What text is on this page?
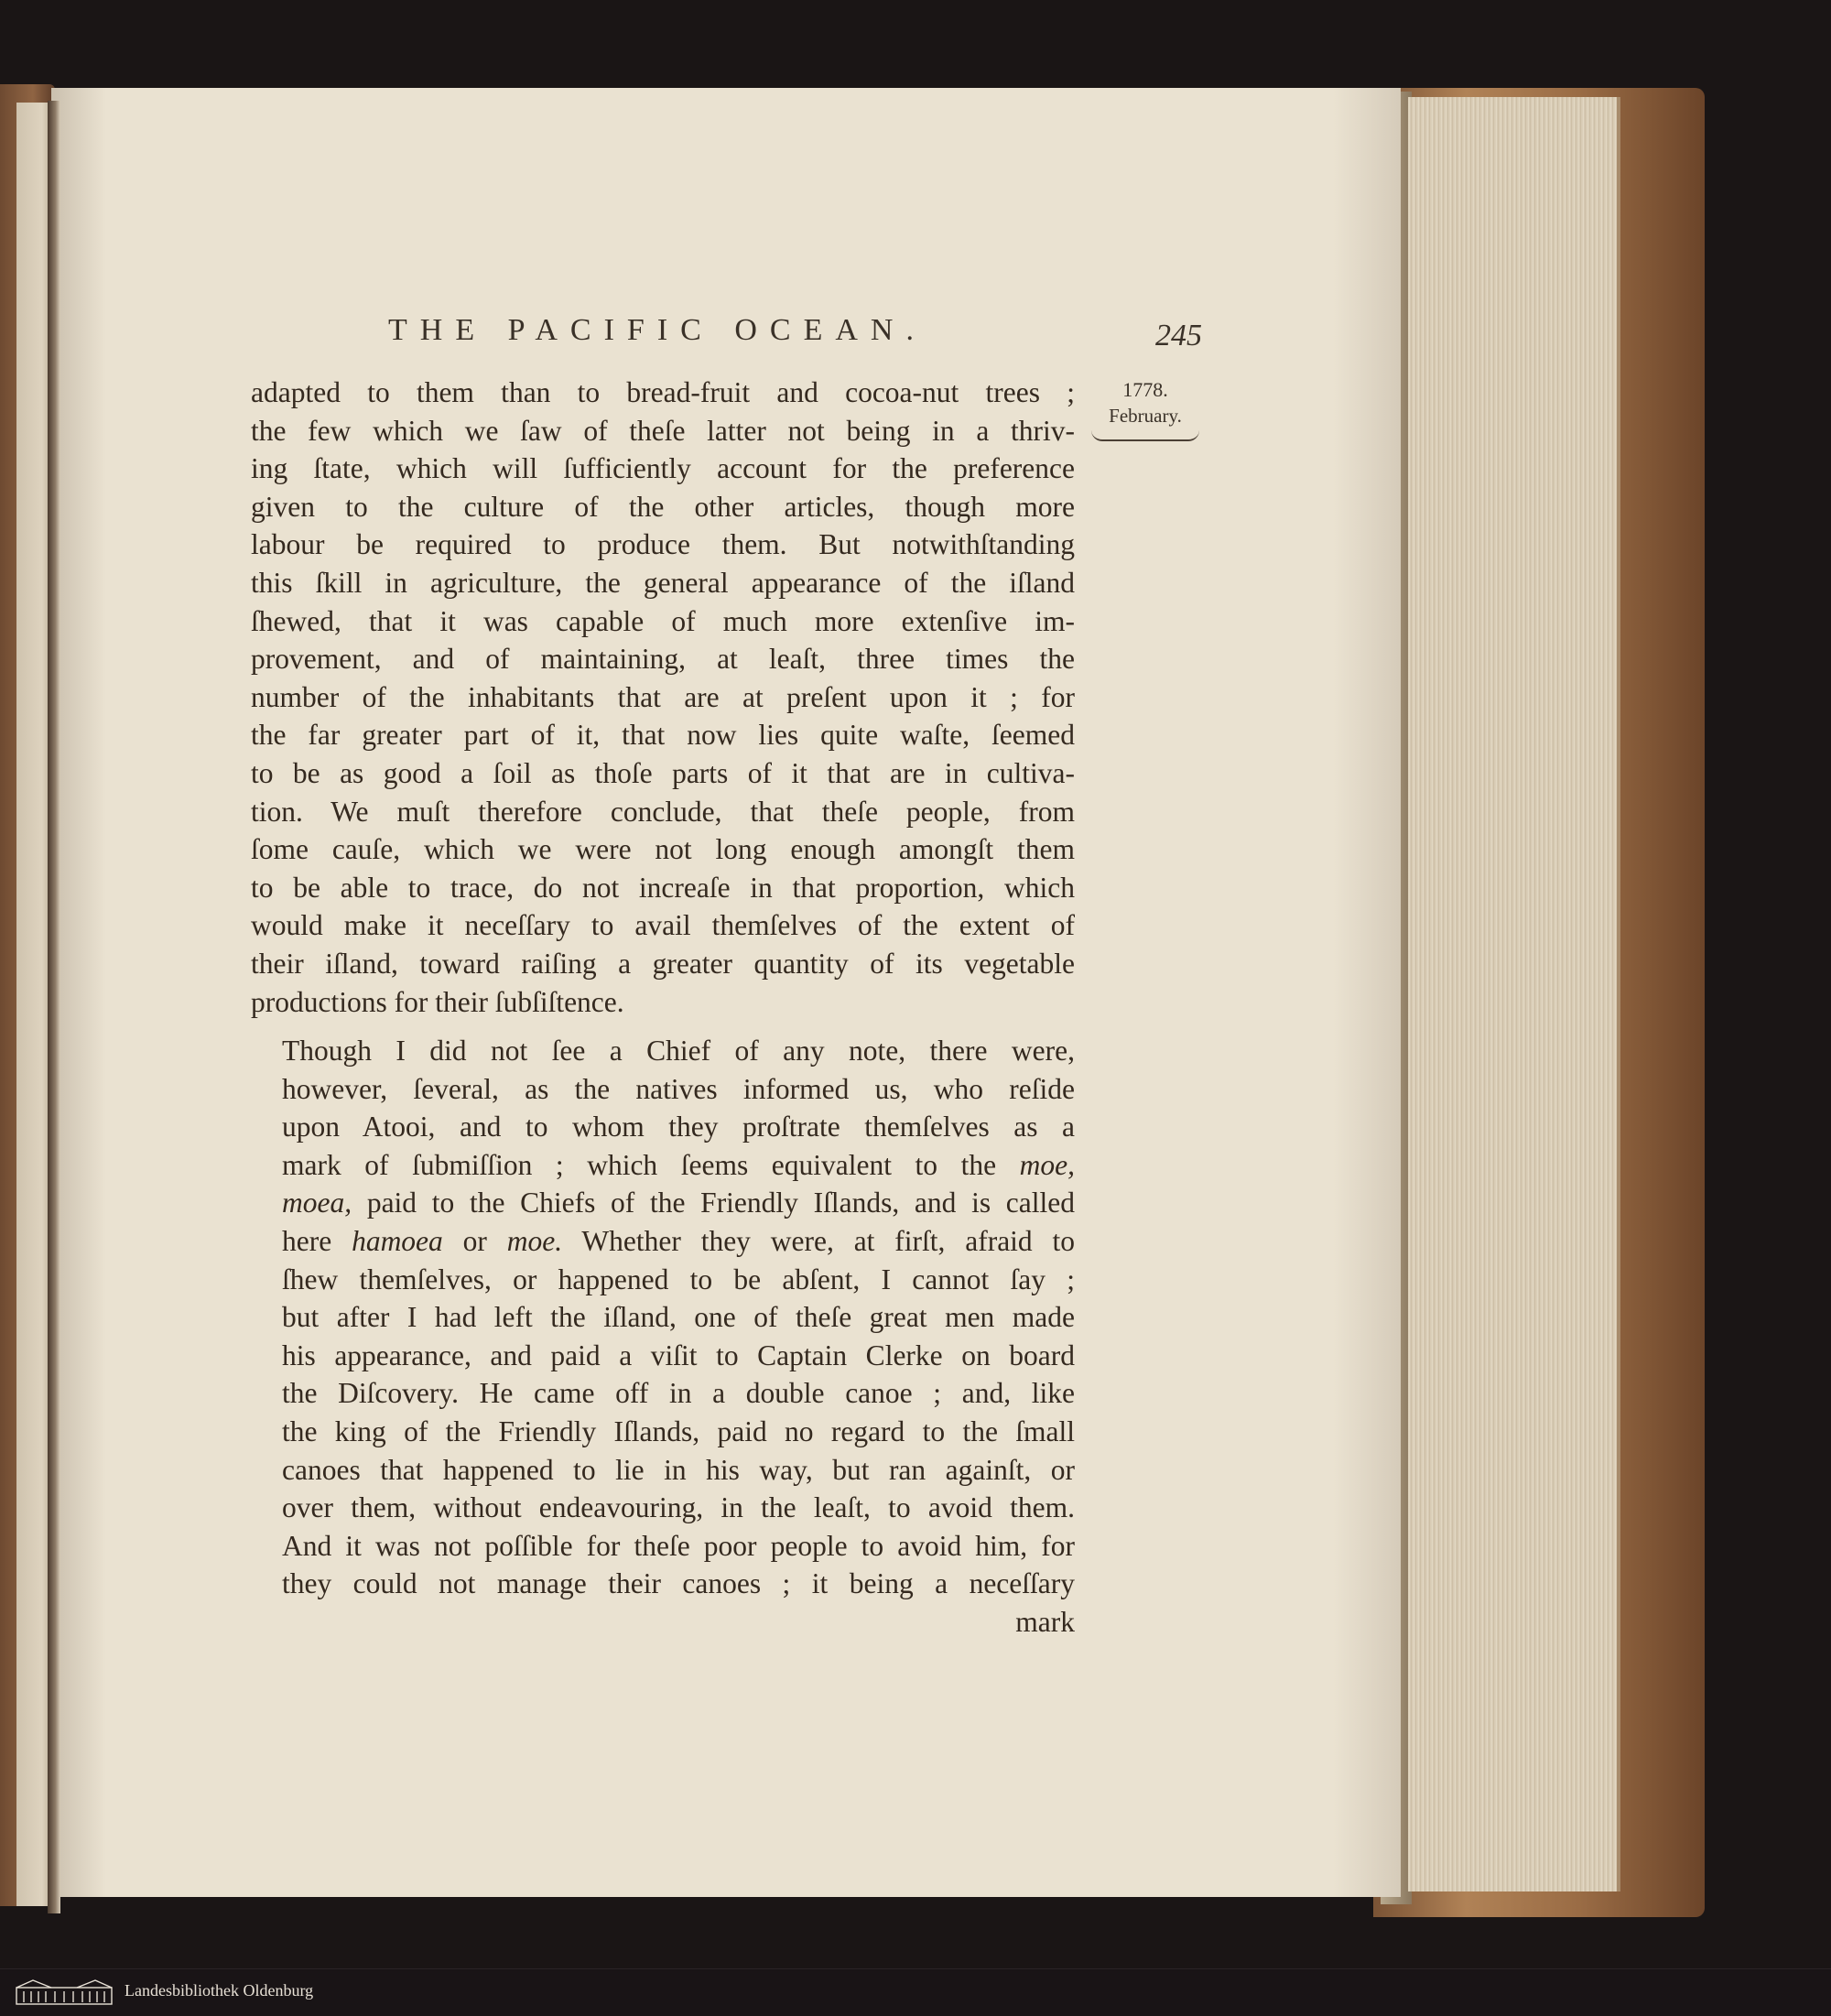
THE PACIFIC OCEAN.	245
1778.
February.
adapted to them than to bread-fruit and cocoa-nut trees ;
the few which we ſaw of theſe latter not being in a thriv-
ing ſtate, which will ſufficiently account for the preference
given to the culture of the other articles, though more
labour be required to produce them. But notwithſtanding
this ſkill in agriculture, the general appearance of the iſland
ſhewed, that it was capable of much more extenſive im-
provement, and of maintaining, at leaſt, three times the
number of the inhabitants that are at preſent upon it ; for
the far greater part of it, that now lies quite waſte, ſeemed
to be as good a ſoil as thoſe parts of it that are in cultiva-
tion. We muſt therefore conclude, that theſe people, from
ſome cauſe, which we were not long enough amongſt them
to be able to trace, do not increaſe in that proportion, which
would make it neceſſary to avail themſelves of the extent of
their iſland, toward raiſing a greater quantity of its vegetable
productions for their ſubſiſtence.
Though I did not ſee a Chief of any note, there were,
however, ſeveral, as the natives informed us, who reſide
upon Atooi, and to whom they proſtrate themſelves as a
mark of ſubmiſſion ; which ſeems equivalent to the moe,
moea, paid to the Chiefs of the Friendly Iſlands, and is called
here hamoea or moe. Whether they were, at firſt, afraid to
ſhew themſelves, or happened to be abſent, I cannot ſay ;
but after I had left the iſland, one of theſe great men made
his appearance, and paid a viſit to Captain Clerke on board
the Diſcovery. He came off in a double canoe ; and, like
the king of the Friendly Iſlands, paid no regard to the ſmall
canoes that happened to lie in his way, but ran againſt, or
over them, without endeavouring, in the leaſt, to avoid them.
And it was not poſſible for theſe poor people to avoid him, for
they could not manage their canoes ; it being a neceſſary
mark
Landesbibliothek Oldenburg
